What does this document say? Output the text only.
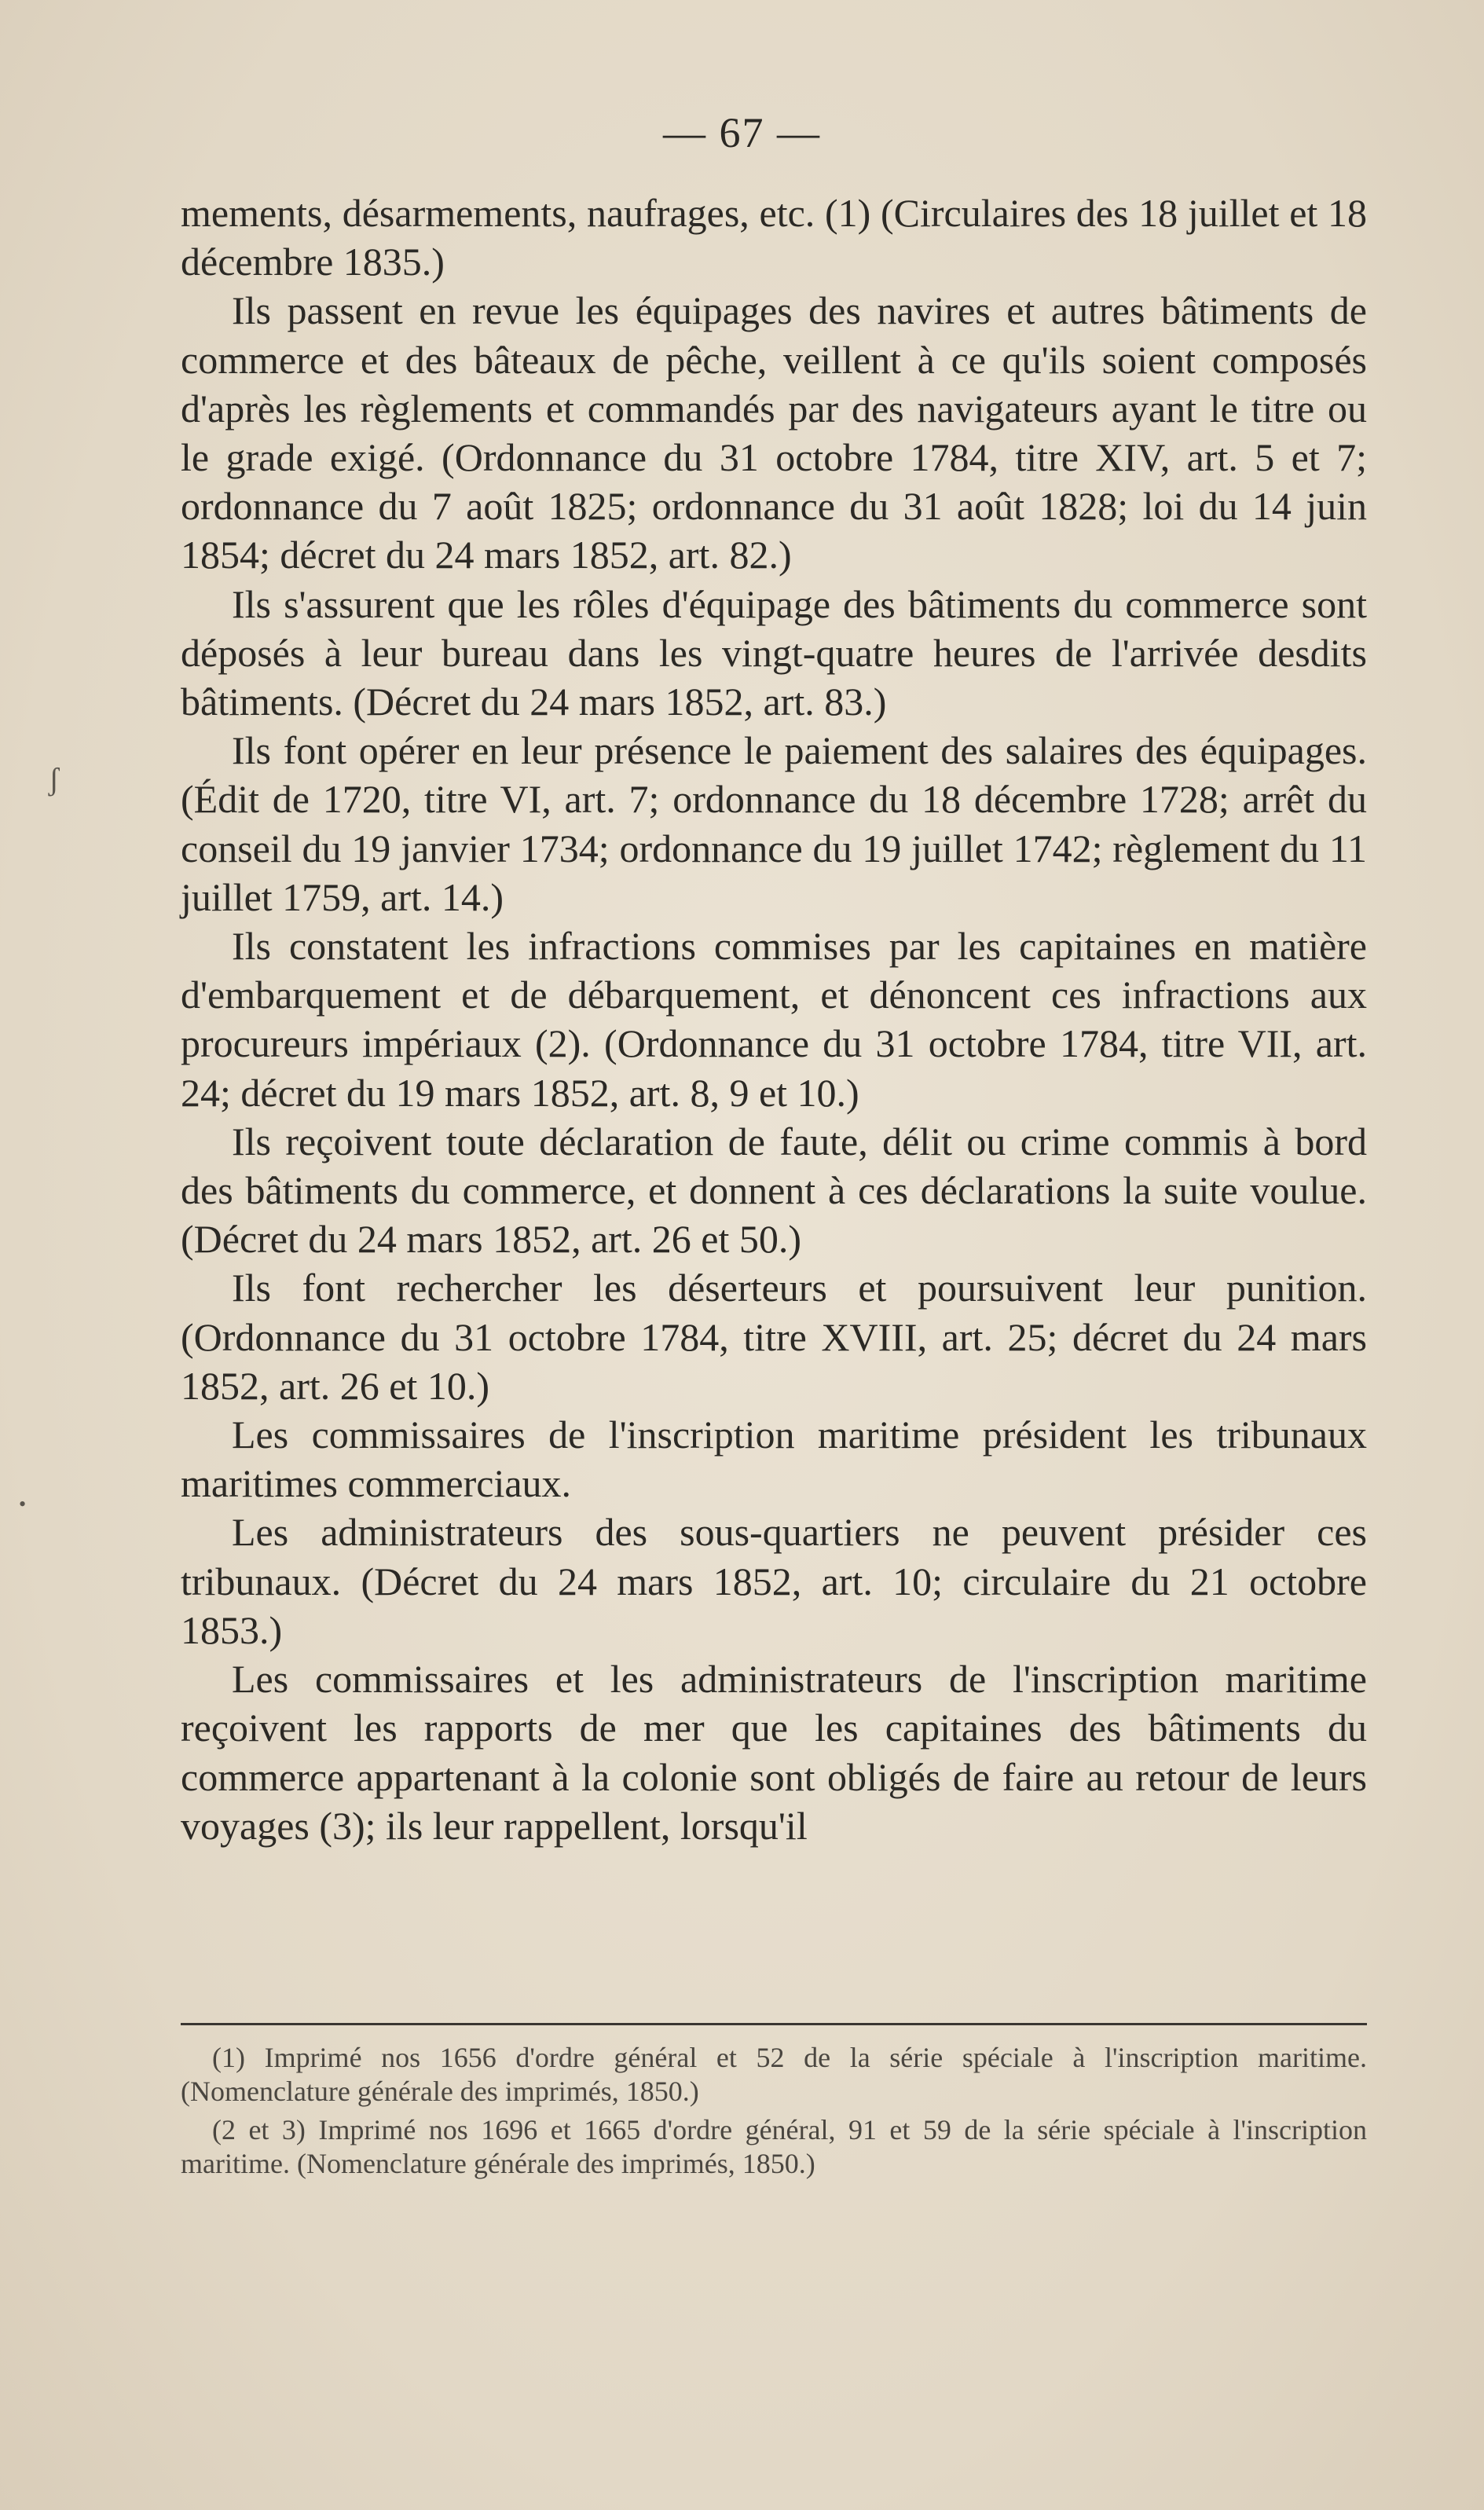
— 67 —

mements, désarmements, naufrages, etc. (1) (Circulaires des 18 juillet et 18 décembre 1835.)

Ils passent en revue les équipages des navires et autres bâtiments de commerce et des bâteaux de pêche, veillent à ce qu'ils soient composés d'après les règlements et commandés par des navigateurs ayant le titre ou le grade exigé. (Ordonnance du 31 octobre 1784, titre XIV, art. 5 et 7; ordonnance du 7 août 1825; ordonnance du 31 août 1828; loi du 14 juin 1854; décret du 24 mars 1852, art. 82.)

Ils s'assurent que les rôles d'équipage des bâtiments du commerce sont déposés à leur bureau dans les vingt-quatre heures de l'arrivée desdits bâtiments. (Décret du 24 mars 1852, art. 83.)

Ils font opérer en leur présence le paiement des salaires des équipages. (Édit de 1720, titre VI, art. 7; ordonnance du 18 décembre 1728; arrêt du conseil du 19 janvier 1734; ordonnance du 19 juillet 1742; règlement du 11 juillet 1759, art. 14.)

Ils constatent les infractions commises par les capitaines en matière d'embarquement et de débarquement, et dénoncent ces infractions aux procureurs impériaux (2). (Ordonnance du 31 octobre 1784, titre VII, art. 24; décret du 19 mars 1852, art. 8, 9 et 10.)

Ils reçoivent toute déclaration de faute, délit ou crime commis à bord des bâtiments du commerce, et donnent à ces déclarations la suite voulue. (Décret du 24 mars 1852, art. 26 et 50.)

Ils font rechercher les déserteurs et poursuivent leur punition. (Ordonnance du 31 octobre 1784, titre XVIII, art. 25; décret du 24 mars 1852, art. 26 et 10.)

Les commissaires de l'inscription maritime président les tribunaux maritimes commerciaux.

Les administrateurs des sous-quartiers ne peuvent présider ces tribunaux. (Décret du 24 mars 1852, art. 10; circulaire du 21 octobre 1853.)

Les commissaires et les administrateurs de l'inscription maritime reçoivent les rapports de mer que les capitaines des bâtiments du commerce appartenant à la colonie sont obligés de faire au retour de leurs voyages (3); ils leur rappellent, lorsqu'il

(1) Imprimé nos 1656 d'ordre général et 52 de la série spéciale à l'inscription maritime. (Nomenclature générale des imprimés, 1850.)

(2 et 3) Imprimé nos 1696 et 1665 d'ordre général, 91 et 59 de la série spéciale à l'inscription maritime. (Nomenclature générale des imprimés, 1850.)

ʃ
•
